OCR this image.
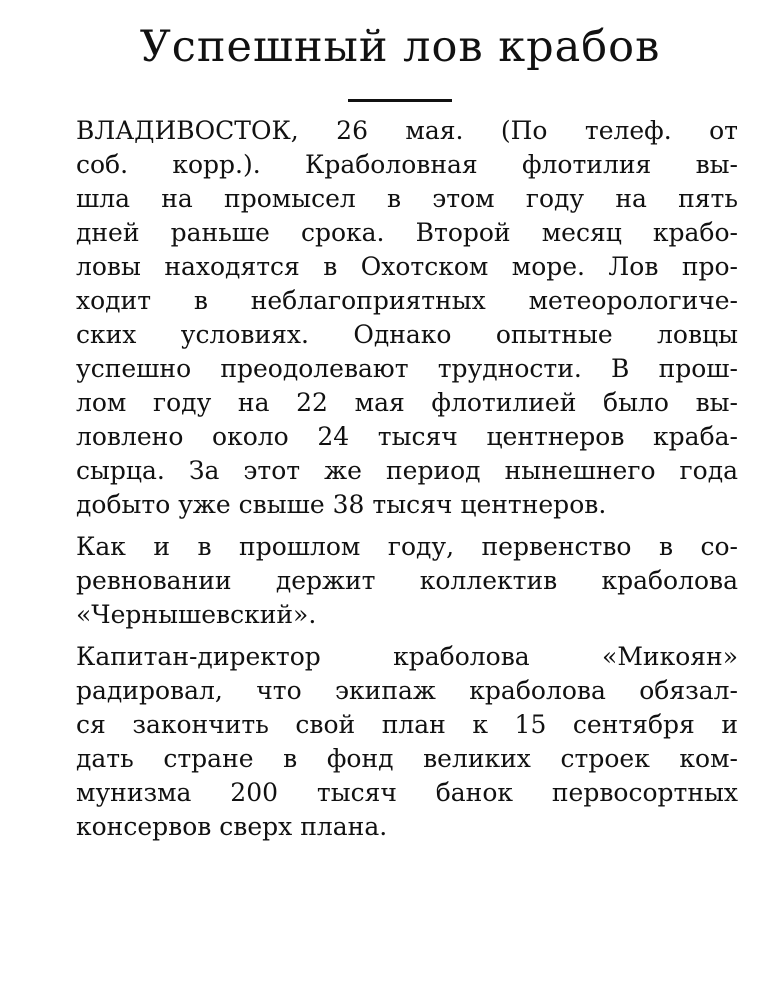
Успешный лов крабов

ВЛАДИВОСТОК, 26 мая. (По телеф. от
соб. корр.). Краболовная флотилия вы-
шла на промысел в этом году на пять
дней раньше срока. Второй месяц крабо-
ловы находятся в Охотском море. Лов про-
ходит в неблагоприятных метеорологиче-
ских условиях. Однако опытные ловцы
успешно преодолевают трудности. В прош-
лом году на 22 мая флотилией было вы-
ловлено около 24 тысяч центнеров краба-
сырца. За этот же период нынешнего года
добыто уже свыше 38 тысяч центнеров.

Как и в прошлом году, первенство в со-
ревновании держит коллектив краболова
«Чернышевский».

Капитан-директор краболова «Микоян»
радировал, что экипаж краболова обязал-
ся закончить свой план к 15 сентября и
дать стране в фонд великих строек ком-
мунизма 200 тысяч банок первосортных
консервов сверх плана.
